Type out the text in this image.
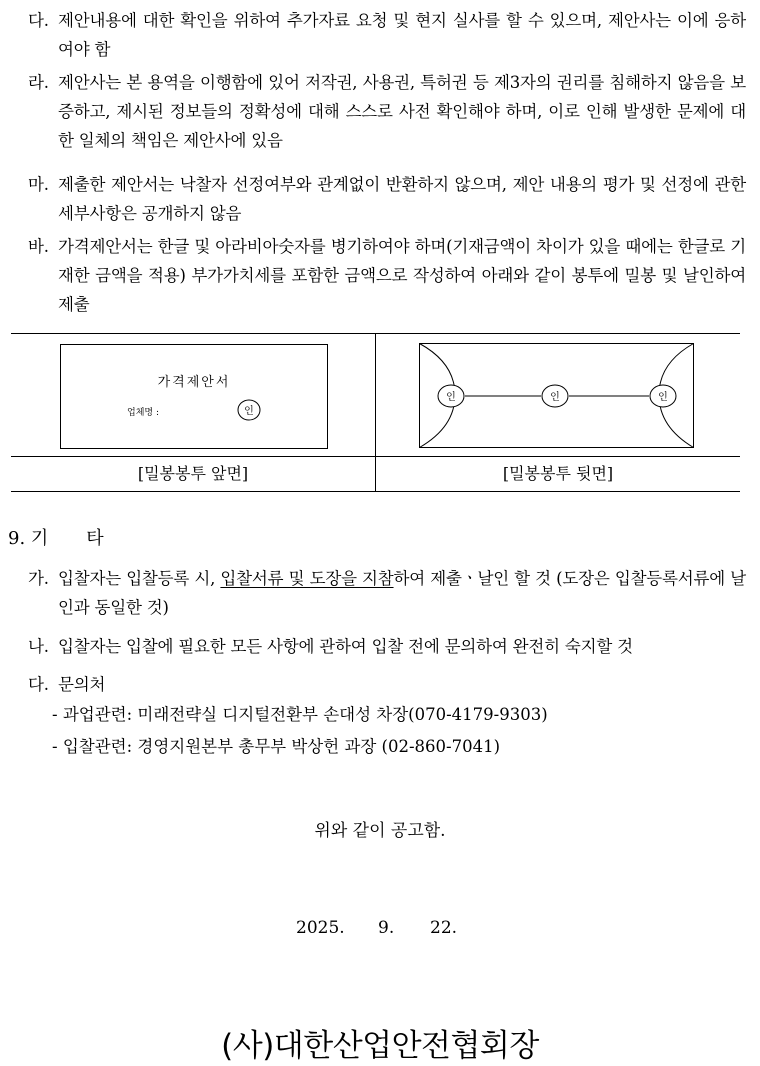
다. 제안내용에 대한 확인을 위하여 추가자료 요청 및 현지 실사를 할 수 있으며, 제안사는 이에 응하여야 함
라. 제안사는 본 용역을 이행함에 있어 저작권, 사용권, 특허권 등 제3자의 권리를 침해하지 않음을 보증하고, 제시된 정보들의 정확성에 대해 스스로 사전 확인해야 하며, 이로 인해 발생한 문제에 대한 일체의 책임은 제안사에 있음
마. 제출한 제안서는 낙찰자 선정여부와 관계없이 반환하지 않으며, 제안 내용의 평가 및 선정에 관한 세부사항은 공개하지 않음
바. 가격제안서는 한글 및 아라비아숫자를 병기하여야 하며(기재금액이 차이가 있을 때에는 한글로 기재한 금액을 적용) 부가가치세를 포함한 금액으로 작성하여 아래와 같이 봉투에 밀봉 및 날인하여 제출
가격제안서
업체명 :	인
인	인	인
[밀봉봉투 앞면]	[밀봉봉투 뒷면]
9. 기 타
가. 입찰자는 입찰등록 시, 입찰서류 및 도장을 지참하여 제출ㆍ날인 할 것 (도장은 입찰등록서류에 날인과 동일한 것)
나. 입찰자는 입찰에 필요한 모든 사항에 관하여 입찰 전에 문의하여 완전히 숙지할 것
다. 문의처
- 과업관련: 미래전략실 디지털전환부 손대성 차장(070-4179-9303)
- 입찰관련: 경영지원본부 총무부 박상헌 과장 (02-860-7041)
위와 같이 공고함.
2025. 9. 22.
(사)대한산업안전협회장
